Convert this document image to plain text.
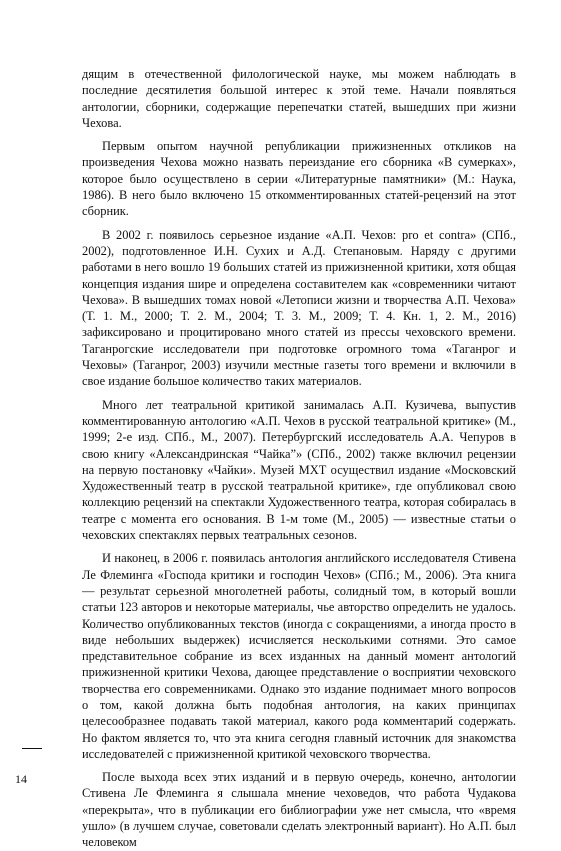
дящим в отечественной филологической науке, мы можем наблюдать в последние десятилетия большой интерес к этой теме. Начали появляться антологии, сборники, содержащие перепечатки статей, вышедших при жизни Чехова.

Первым опытом научной републикации прижизненных откликов на произведения Чехова можно назвать переиздание его сборника «В сумерках», которое было осуществлено в серии «Литературные памятники» (М.: Наука, 1986). В него было включено 15 откомментированных статей-рецензий на этот сборник.

В 2002 г. появилось серьезное издание «А.П. Чехов: pro et contra» (СПб., 2002), подготовленное И.Н. Сухих и А.Д. Степановым. Наряду с другими работами в него вошло 19 больших статей из прижизненной критики, хотя общая концепция издания шире и определена составителем как «современники читают Чехова». В вышедших томах новой «Летописи жизни и творчества А.П. Чехова» (Т. 1. М., 2000; Т. 2. М., 2004; Т. 3. М., 2009; Т. 4. Кн. 1, 2. М., 2016) зафиксировано и процитировано много статей из прессы чеховского времени. Таганрогские исследователи при подготовке огромного тома «Таганрог и Чеховы» (Таганрог, 2003) изучили местные газеты того времени и включили в свое издание большое количество таких материалов.

Много лет театральной критикой занималась А.П. Кузичева, выпустив комментированную антологию «А.П. Чехов в русской театральной критике» (М., 1999; 2-е изд. СПб., М., 2007). Петербургский исследователь А.А. Чепуров в свою книгу «Александринская “Чайка”» (СПб., 2002) также включил рецензии на первую постановку «Чайки». Музей МХТ осуществил издание «Московский Художественный театр в русской театральной критике», где опубликовал свою коллекцию рецензий на спектакли Художественного театра, которая собиралась в театре с момента его основания. В 1-м томе (М., 2005) — известные статьи о чеховских спектаклях первых театральных сезонов.

И наконец, в 2006 г. появилась антология английского исследователя Стивена Ле Флеминга «Господа критики и господин Чехов» (СПб.; М., 2006). Эта книга — результат серьезной многолетней работы, солидный том, в который вошли статьи 123 авторов и некоторые материалы, чье авторство определить не удалось. Количество опубликованных текстов (иногда с сокращениями, а иногда просто в виде небольших выдержек) исчисляется несколькими сотнями. Это самое представительное собрание из всех изданных на данный момент антологий прижизненной критики Чехова, дающее представление о восприятии чеховского творчества его современниками. Однако это издание поднимает много вопросов о том, какой должна быть подобная антология, на каких принципах целесообразнее подавать такой материал, какого рода комментарий содержать. Но фактом является то, что эта книга сегодня главный источник для знакомства исследователей с прижизненной критикой чеховского творчества.

После выхода всех этих изданий и в первую очередь, конечно, антологии Стивена Ле Флеминга я слышала мнение чеховедов, что работа Чудакова «перекрыта», что в публикации его библиографии уже нет смысла, что «время ушло» (в лучшем случае, советовали сделать электронный вариант). Но А.П. был человеком

14
